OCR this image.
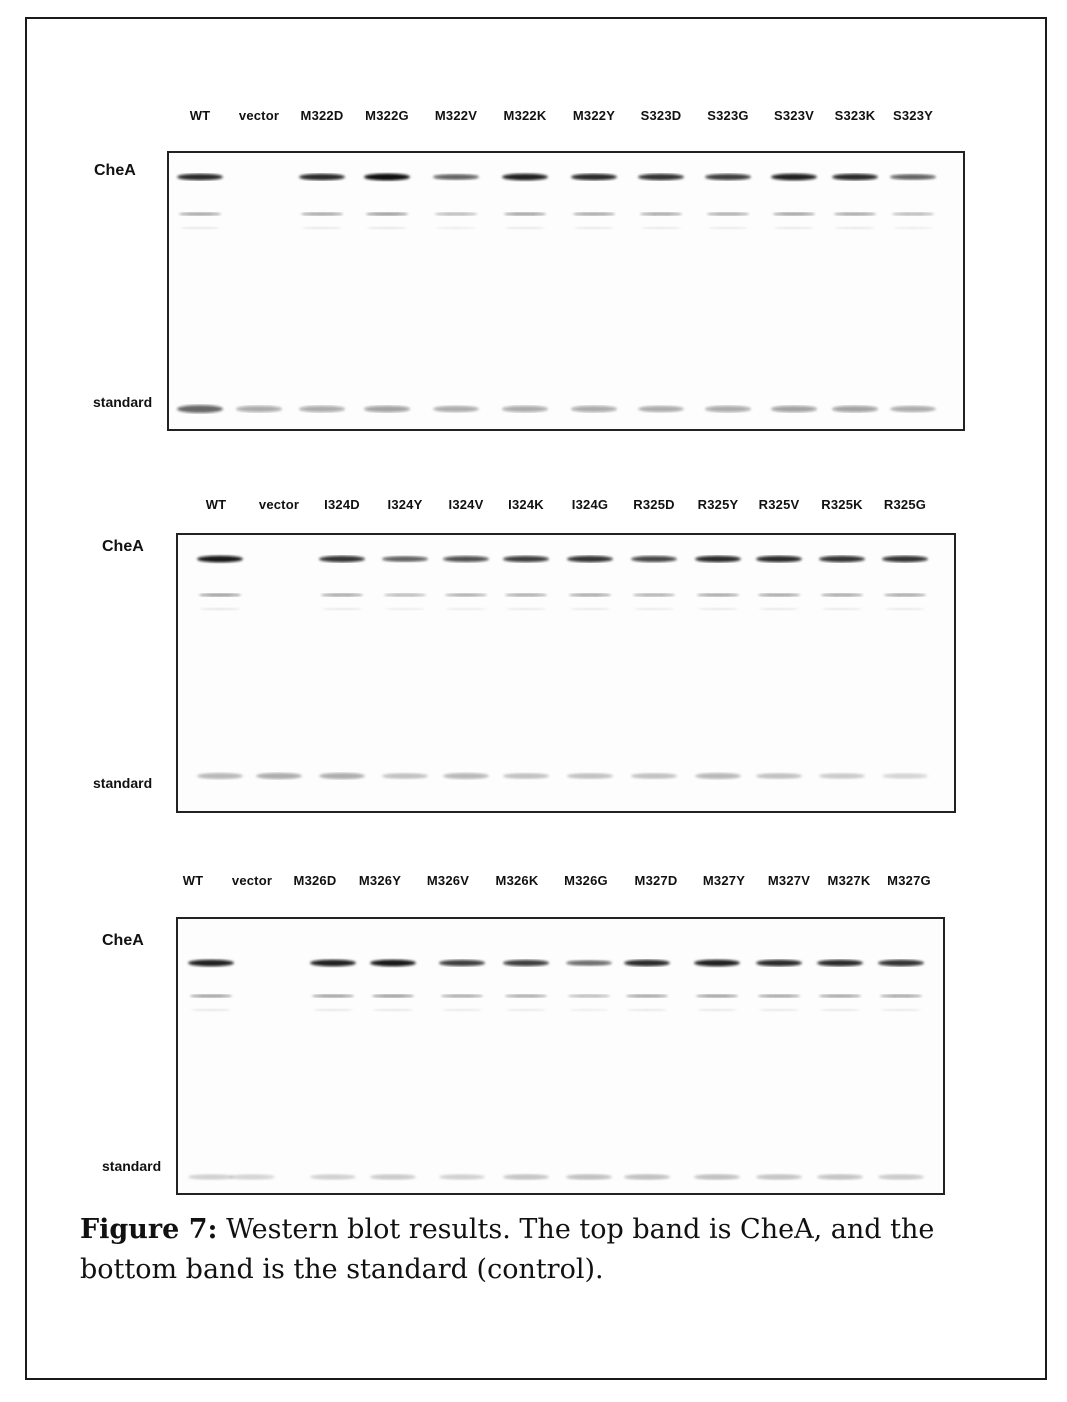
WT vector M322D M322G M322V M322K M322Y S323D S323G S323V S323K S323Y
CheA
standard
WT	vector I324D I324Y I324V I324K I324G R325D R325Y R325V R325K R325G
CheA
standard
WT vector M326D M326Y M326V M326K M326G M327D M327Y M327V M327K M327G
CheA
standard

Figure 7: Western blot results. The top band is CheA, and the bottom band is the standard (control).
